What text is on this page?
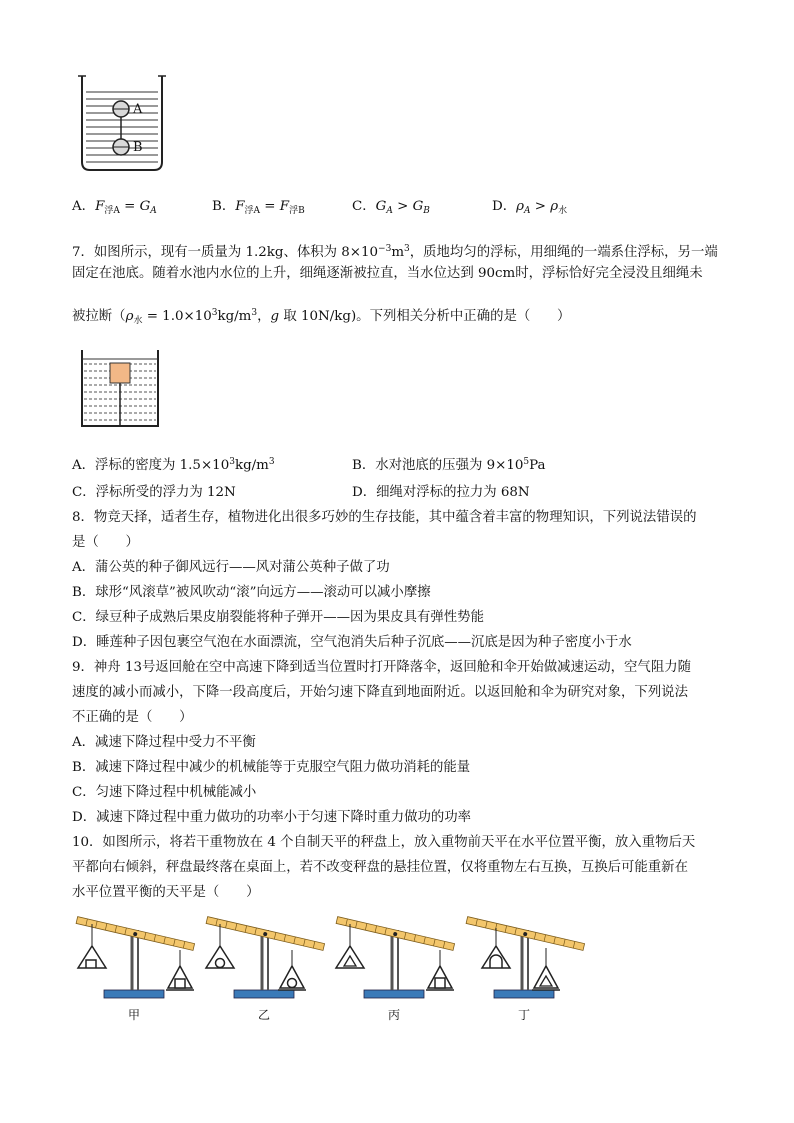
A
B
A．$F_{浮A} = G_A$	B．$F_{浮A} = F_{浮B}$	C．$G_A > G_B$	D．$\rho_A > \rho_水$
7．如图所示，现有一质量为 1.2kg、体积为 $8\times 10^{-3}m^3$，质地均匀的浮标，用细绳的一端系住浮标，另一端
固定在池底。随着水池内水位的上升，细绳逐渐被拉直，当水位达到 90cm时，浮标恰好完全浸没且细绳未
被拉断（$\rho_水 = 1.0\times 10^3kg/m^3$，g 取 10N/kg)。下列相关分析中正确的是（　　）
A．浮标的密度为 $1.5\times 10^3kg/m^3$	B．水对池底的压强为 $9\times 10^5Pa$
C．浮标所受的浮力为 12N	D．细绳对浮标的拉力为 68N
8．物竞天择，适者生存，植物进化出很多巧妙的生存技能，其中蕴含着丰富的物理知识，下列说法错误的
是（　　）
A．蒲公英的种子御风远行——风对蒲公英种子做了功
B．球形“风滚草”被风吹动“滚”向远方——滚动可以减小摩擦
C．绿豆种子成熟后果皮崩裂能将种子弹开——因为果皮具有弹性势能
D．睡莲种子因包裹空气泡在水面漂流，空气泡消失后种子沉底——沉底是因为种子密度小于水
9．神舟 13号返回舱在空中高速下降到适当位置时打开降落伞，返回舱和伞开始做减速运动，空气阻力随
速度的减小而减小，下降一段高度后，开始匀速下降直到地面附近。以返回舱和伞为研究对象，下列说法
不正确的是（　　）
A．减速下降过程中受力不平衡
B．减速下降过程中减少的机械能等于克服空气阻力做功消耗的能量
C．匀速下降过程中机械能减小
D．减速下降过程中重力做功的功率小于匀速下降时重力做功的功率
10．如图所示，将若干重物放在 4 个自制天平的秤盘上，放入重物前天平在水平位置平衡，放入重物后天
平都向右倾斜，秤盘最终落在桌面上，若不改变秤盘的悬挂位置，仅将重物左右互换，互换后可能重新在
水平位置平衡的天平是（　　）
甲	乙	丙	丁
